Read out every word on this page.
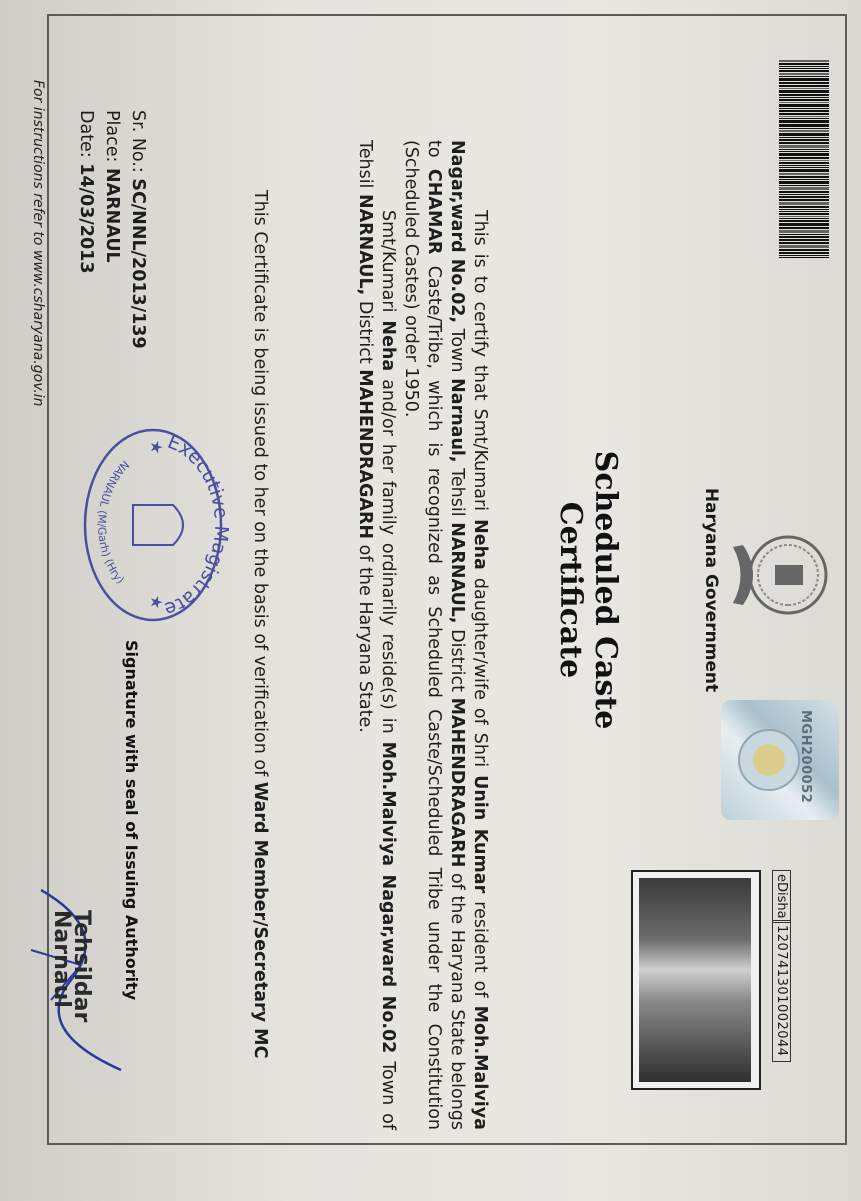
Haryana Government
MGH200052
eDisha
1207413010020​44
Scheduled Caste Certificate

This is to certify that Smt/Kumari Neha daughter/wife of Shri Unin Kumar resident of Moh.Malviya Nagar,ward No.02, Town Narnaul, Tehsil NARNAUL, District MAHENDRAGARH of the Haryana State belongs to CHAMAR Caste/Tribe, which is recognized as Scheduled Caste/Scheduled Tribe under the Constitution (Scheduled Castes) order 1950.

Smt/Kumari Neha and/or her family ordinarily reside(s) in Moh.Malviya Nagar,ward No.02 Town of Tehsil NARNAUL, District MAHENDRAGARH of the Haryana State.

This Certificate is being issued to her on the basis of verification of Ward Member/Secretary MC
Sr. No.: SC/NNL/2013/139
Place: NARNAUL
Date: 14/03/2013
Executive Magistrate
NARNAUL (M/Garh) (Hry)
★
★
Signature with seal of Issuing Authority
Tehsildar
Narnaul
For instructions refer to www.csharyana.gov.in
